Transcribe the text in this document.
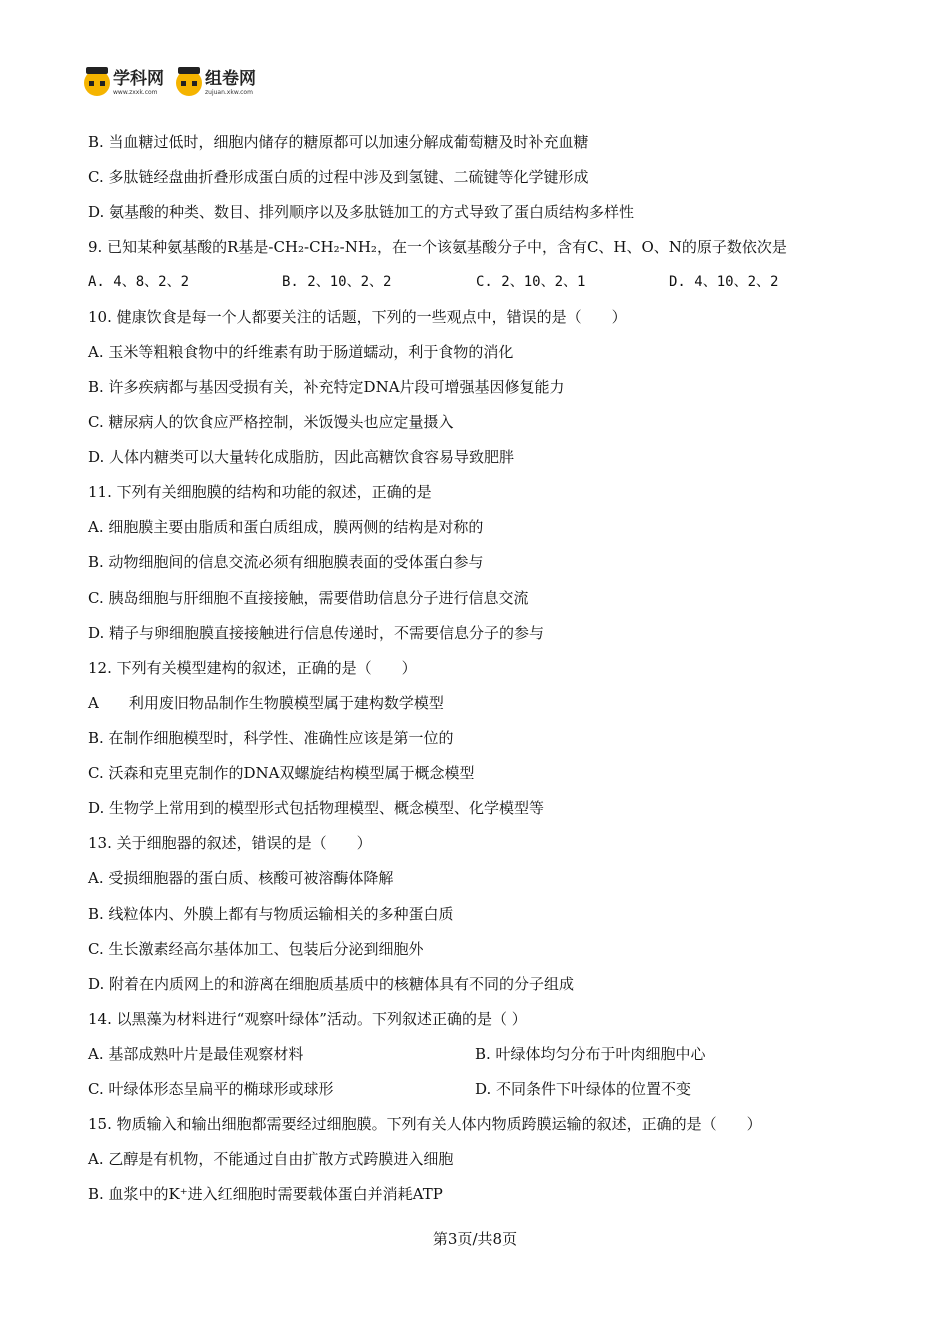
学科网
www.zxxk.com
组卷网
zujuan.xkw.com
B. 当血糖过低时，细胞内储存的糖原都可以加速分解成葡萄糖及时补充血糖
C. 多肽链经盘曲折叠形成蛋白质的过程中涉及到氢键、二硫键等化学键形成
D. 氨基酸的种类、数目、排列顺序以及多肽链加工的方式导致了蛋白质结构多样性
9. 已知某种氨基酸的R基是-CH₂-CH₂-NH₂，在一个该氨基酸分子中，含有C、H、O、N的原子数依次是
A. 4、8、2、2	B. 2、10、2、2	C. 2、10、2、1	D. 4、10、2、2
10. 健康饮食是每一个人都要关注的话题，下列的一些观点中，错误的是（　　）
A. 玉米等粗粮食物中的纤维素有助于肠道蠕动，利于食物的消化
B. 许多疾病都与基因受损有关，补充特定DNA片段可增强基因修复能力
C. 糖尿病人的饮食应严格控制，米饭馒头也应定量摄入
D. 人体内糖类可以大量转化成脂肪，因此高糖饮食容易导致肥胖
11. 下列有关细胞膜的结构和功能的叙述，正确的是
A. 细胞膜主要由脂质和蛋白质组成，膜两侧的结构是对称的
B. 动物细胞间的信息交流必须有细胞膜表面的受体蛋白参与
C. 胰岛细胞与肝细胞不直接接触，需要借助信息分子进行信息交流
D. 精子与卵细胞膜直接接触进行信息传递时，不需要信息分子的参与
12. 下列有关模型建构的叙述，正确的是（　　）
A　　利用废旧物品制作生物膜模型属于建构数学模型
B. 在制作细胞模型时，科学性、准确性应该是第一位的
C. 沃森和克里克制作的DNA双螺旋结构模型属于概念模型
D. 生物学上常用到的模型形式包括物理模型、概念模型、化学模型等
13. 关于细胞器的叙述，错误的是（　　）
A. 受损细胞器的蛋白质、核酸可被溶酶体降解
B. 线粒体内、外膜上都有与物质运输相关的多种蛋白质
C. 生长激素经高尔基体加工、包装后分泌到细胞外
D. 附着在内质网上的和游离在细胞质基质中的核糖体具有不同的分子组成
14. 以黑藻为材料进行“观察叶绿体”活动。下列叙述正确的是（ ）
A. 基部成熟叶片是最佳观察材料	B. 叶绿体均匀分布于叶肉细胞中心
C. 叶绿体形态呈扁平的椭球形或球形	D. 不同条件下叶绿体的位置不变
15. 物质输入和输出细胞都需要经过细胞膜。下列有关人体内物质跨膜运输的叙述，正确的是（　　）
A. 乙醇是有机物，不能通过自由扩散方式跨膜进入细胞
B. 血浆中的K⁺进入红细胞时需要载体蛋白并消耗ATP
第3页/共8页
